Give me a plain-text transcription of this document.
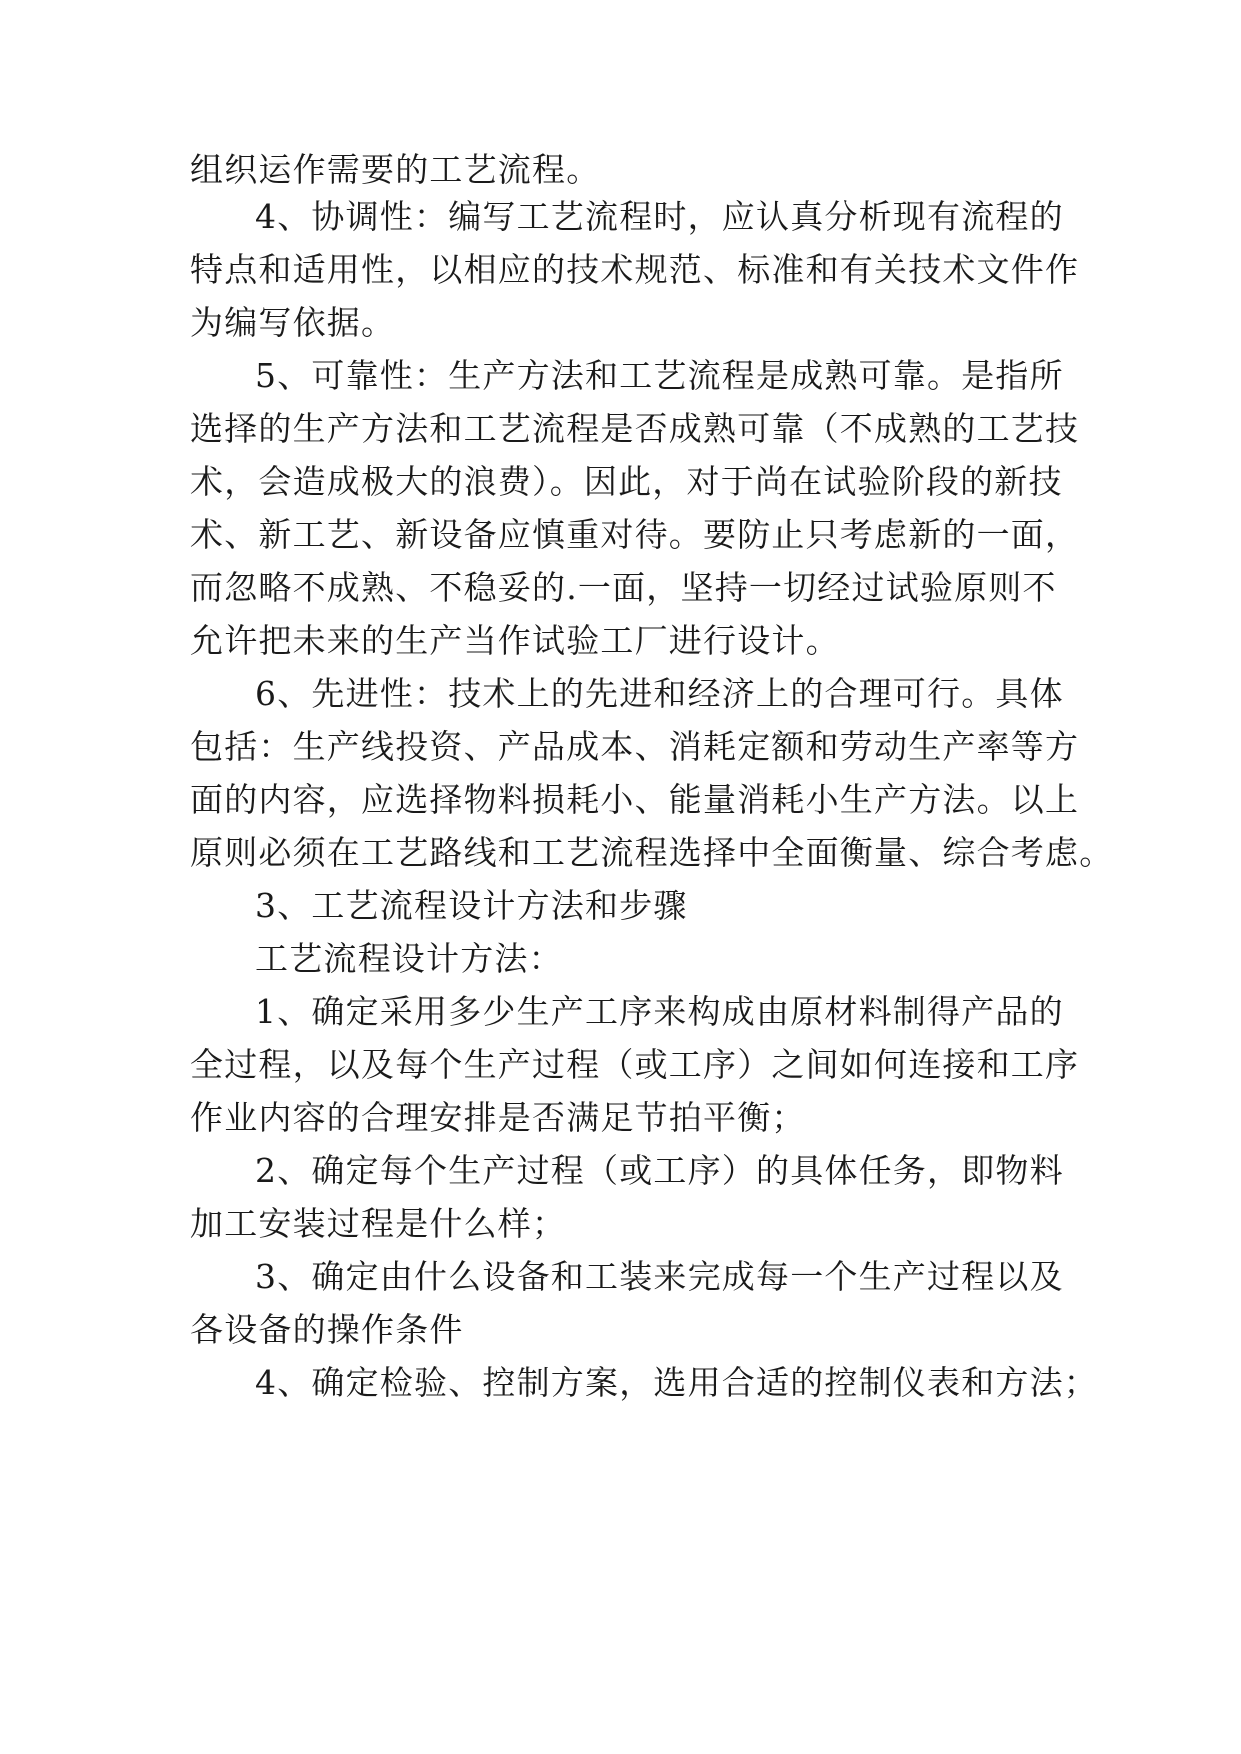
组织运作需要的工艺流程。
4、协调性：编写工艺流程时，应认真分析现有流程的
特点和适用性，以相应的技术规范、标准和有关技术文件作
为编写依据。
5、可靠性：生产方法和工艺流程是成熟可靠。是指所
选择的生产方法和工艺流程是否成熟可靠（不成熟的工艺技
术，会造成极大的浪费）。因此，对于尚在试验阶段的新技
术、新工艺、新设备应慎重对待。要防止只考虑新的一面，
而忽略不成熟、不稳妥的.一面，坚持一切经过试验原则不
允许把未来的生产当作试验工厂进行设计。
6、先进性：技术上的先进和经济上的合理可行。具体
包括：生产线投资、产品成本、消耗定额和劳动生产率等方
面的内容，应选择物料损耗小、能量消耗小生产方法。以上
原则必须在工艺路线和工艺流程选择中全面衡量、综合考虑。
3、工艺流程设计方法和步骤
工艺流程设计方法：
1、确定采用多少生产工序来构成由原材料制得产品的
全过程，以及每个生产过程（或工序）之间如何连接和工序
作业内容的合理安排是否满足节拍平衡；
2、确定每个生产过程（或工序）的具体任务，即物料
加工安装过程是什么样；
3、确定由什么设备和工装来完成每一个生产过程以及
各设备的操作条件
4、确定检验、控制方案，选用合适的控制仪表和方法；
